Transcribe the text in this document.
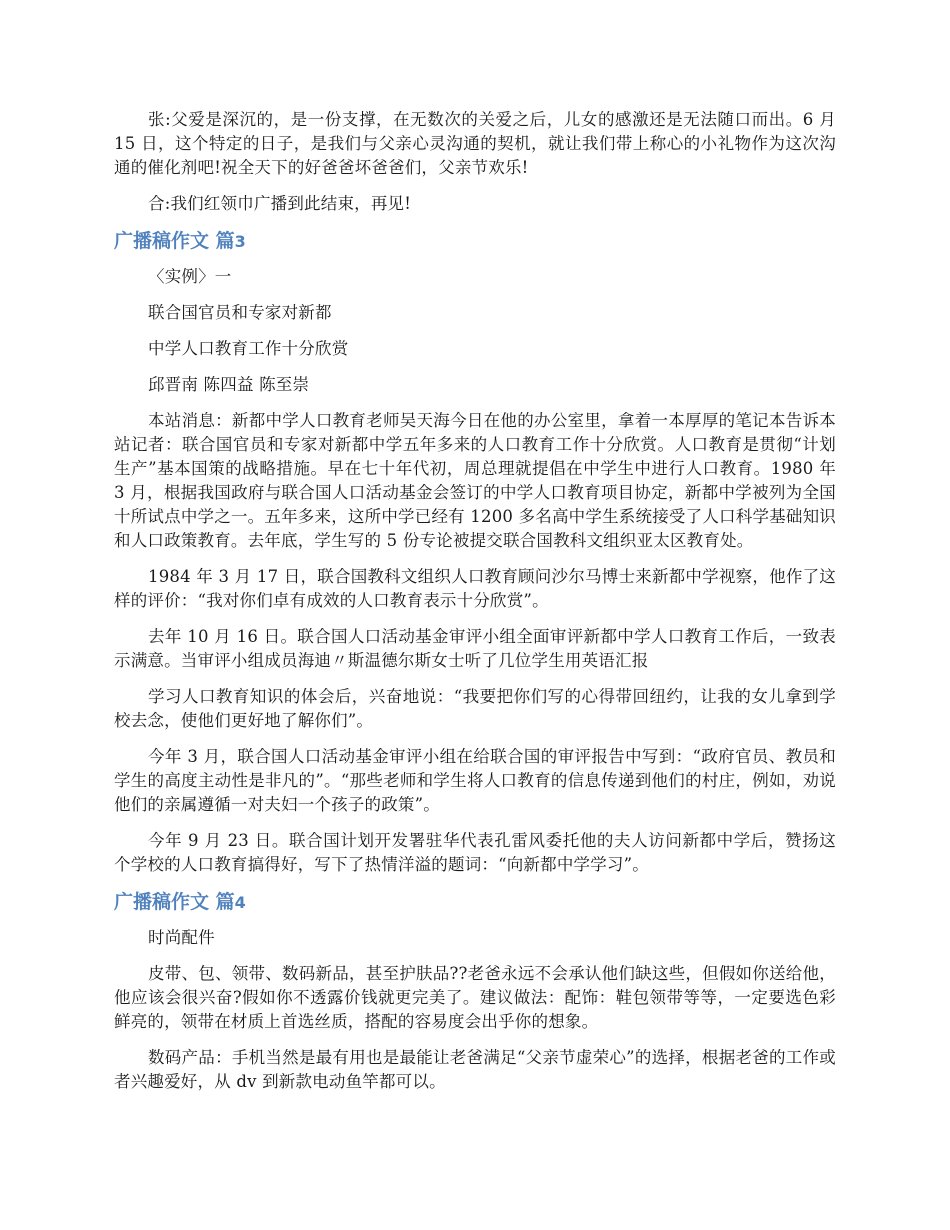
张:父爱是深沉的，是一份支撑，在无数次的关爱之后，儿女的感激还是无法随口而出。6 月 15 日，这个特定的日子，是我们与父亲心灵沟通的契机，就让我们带上称心的小礼物作为这次沟通的催化剂吧!祝全天下的好爸爸坏爸爸们，父亲节欢乐!

合:我们红领巾广播到此结束，再见!

广播稿作文 篇3

〈实例〉一

联合国官员和专家对新都

中学人口教育工作十分欣赏

邱晋南 陈四益 陈至崇

本站消息：新都中学人口教育老师吴天海今日在他的办公室里，拿着一本厚厚的笔记本告诉本站记者：联合国官员和专家对新都中学五年多来的人口教育工作十分欣赏。人口教育是贯彻“计划生产”基本国策的战略措施。早在七十年代初，周总理就提倡在中学生中进行人口教育。1980 年 3 月，根据我国政府与联合国人口活动基金会签订的中学人口教育项目协定，新都中学被列为全国十所试点中学之一。五年多来，这所中学已经有 1200 多名高中学生系统接受了人口科学基础知识和人口政策教育。去年底，学生写的 5 份专论被提交联合国教科文组织亚太区教育处。

1984 年 3 月 17 日，联合国教科文组织人口教育顾问沙尔马博士来新都中学视察，他作了这样的评价：“我对你们卓有成效的人口教育表示十分欣赏”。

去年 10 月 16 日。联合国人口活动基金审评小组全面审评新都中学人口教育工作后，一致表示满意。当审评小组成员海迪〃斯温德尔斯女士听了几位学生用英语汇报

学习人口教育知识的体会后，兴奋地说：“我要把你们写的心得带回纽约，让我的女儿拿到学校去念，使他们更好地了解你们”。

今年 3 月，联合国人口活动基金审评小组在给联合国的审评报告中写到：“政府官员、教员和学生的高度主动性是非凡的”。“那些老师和学生将人口教育的信息传递到他们的村庄，例如，劝说他们的亲属遵循一对夫妇一个孩子的政策”。

今年 9 月 23 日。联合国计划开发署驻华代表孔雷风委托他的夫人访问新都中学后，赞扬这个学校的人口教育搞得好，写下了热情洋溢的题词：“向新都中学学习”。

广播稿作文 篇4

时尚配件

皮带、包、领带、数码新品，甚至护肤品??老爸永远不会承认他们缺这些，但假如你送给他，他应该会很兴奋?假如你不透露价钱就更完美了。建议做法：配饰：鞋包领带等等，一定要选色彩鲜亮的，领带在材质上首选丝质，搭配的容易度会出乎你的想象。

数码产品：手机当然是最有用也是最能让老爸满足“父亲节虚荣心”的选择，根据老爸的工作或者兴趣爱好，从 dv 到新款电动鱼竿都可以。
